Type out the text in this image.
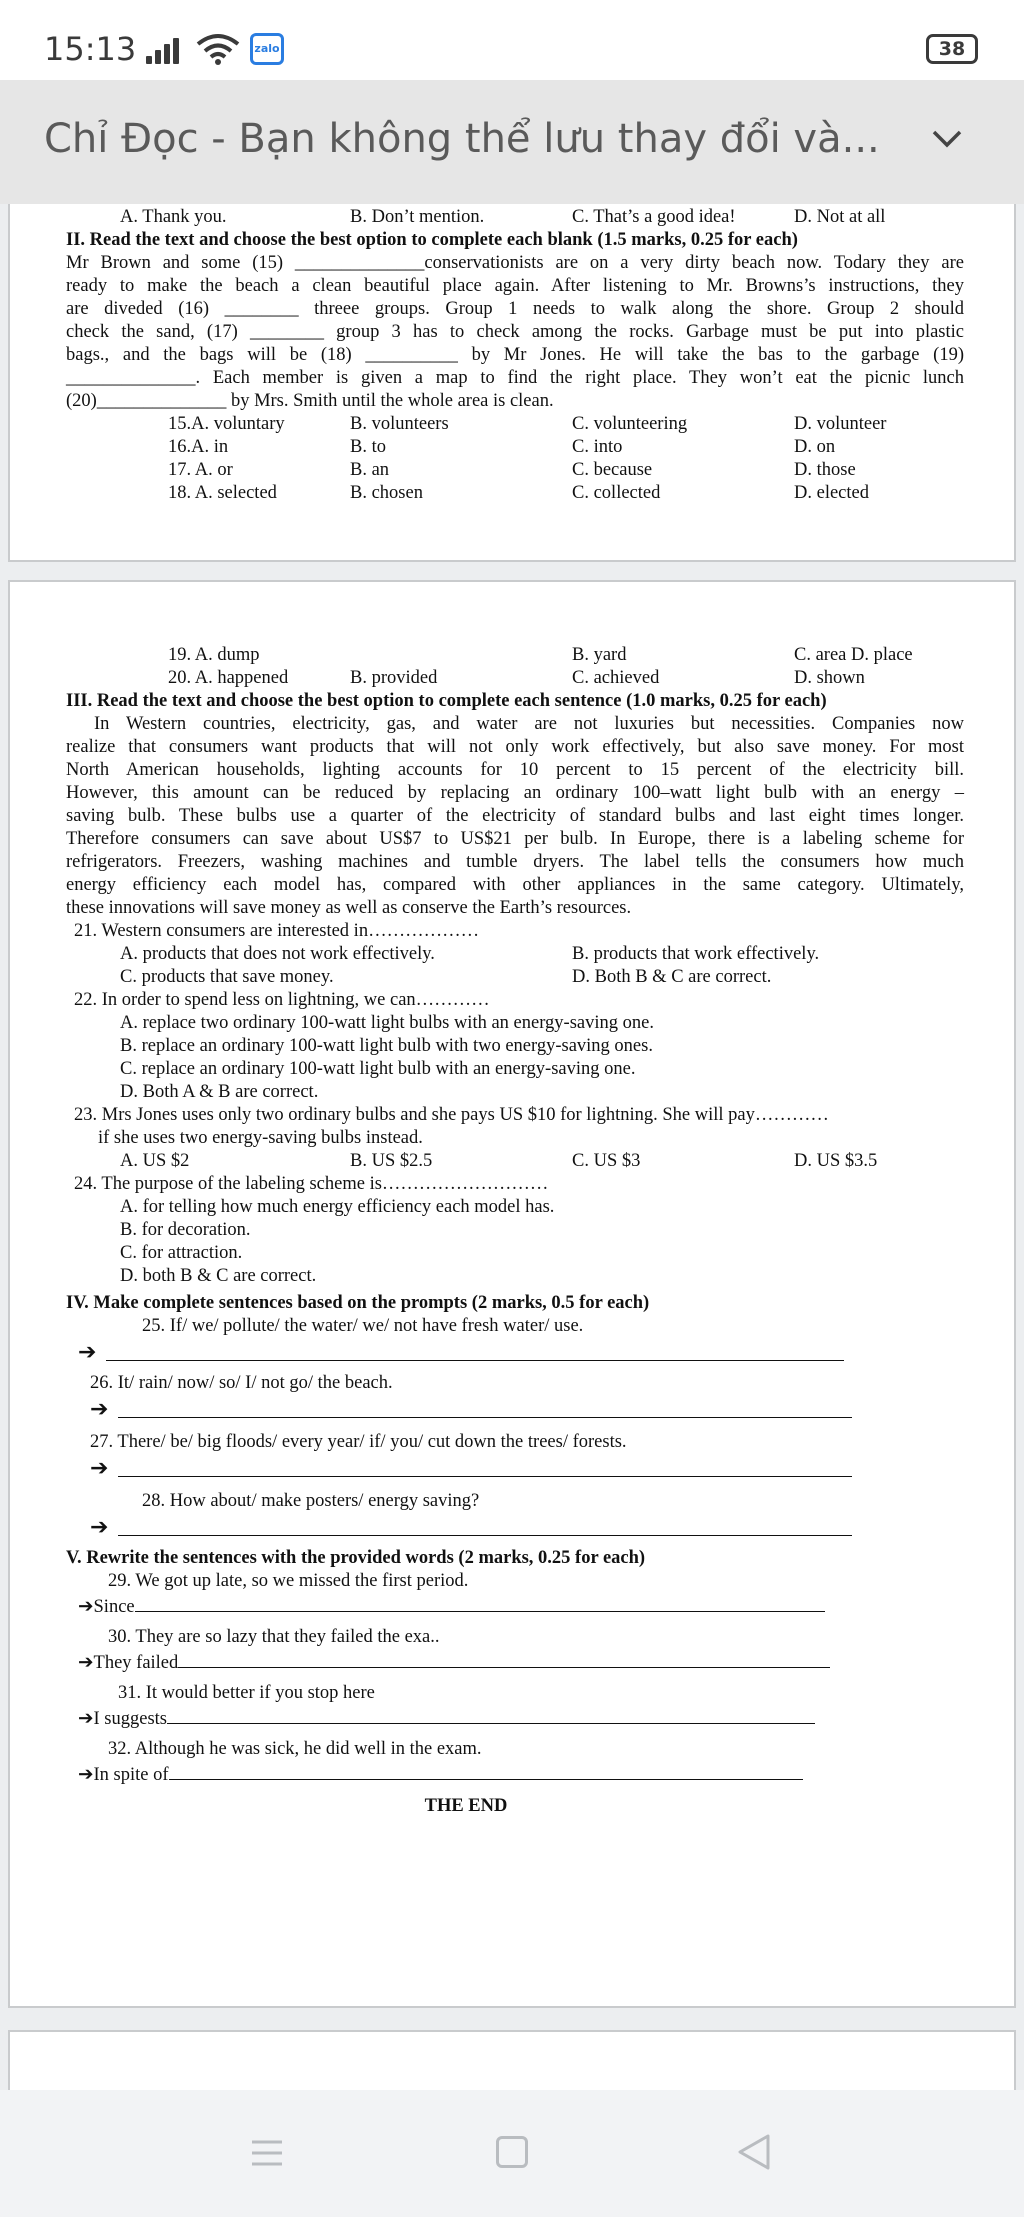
15:13	zalo	38
Chỉ Đọc - Bạn không thể lưu thay đổi và...
A. Thank you.	B. Don’t mention.	C. That’s a good idea!	D. Not at all
II. Read the text and choose the best option to complete each blank (1.5 marks, 0.25 for each)
Mr Brown and some (15) ______________conservationists are on a very dirty beach now. Todary they are
ready to make the beach a clean beautiful place again. After listening to Mr. Browns’s instructions, they
are diveded (16) ________ threee groups. Group 1 needs to walk along the shore. Group 2 should
check the sand, (17) ________ group 3 has to check among the rocks. Garbage must be put into plastic
bags., and the bags will be (18) __________ by Mr Jones. He will take the bas to the garbage (19)
______________. Each member is given a map to find the right place. They won’t eat the picnic lunch
(20)______________ by Mrs. Smith until the whole area is clean.
15.A. voluntary	B. volunteers	C. volunteering	D. volunteer
16.A. in	B. to	C. into	D. on
17. A. or	B. an	C. because	D. those
18. A. selected	B. chosen	C. collected	D. elected
19. A. dump	B. yard	C. area D. place
20. A. happened	B. provided	C. achieved	D. shown
III. Read the text and choose the best option to complete each sentence (1.0 marks, 0.25 for each)
In Western countries, electricity, gas, and water are not luxuries but necessities. Companies now
realize that consumers want products that will not only work effectively, but also save money. For most
North American households, lighting accounts for 10 percent to 15 percent of the electricity bill.
However, this amount can be reduced by replacing an ordinary 100–watt light bulb with an energy –
saving bulb. These bulbs use a quarter of the electricity of standard bulbs and last eight times longer.
Therefore consumers can save about US$7 to US$21 per bulb. In Europe, there is a labeling scheme for
refrigerators. Freezers, washing machines and tumble dryers. The label tells the consumers how much
energy efficiency each model has, compared with other appliances in the same category. Ultimately,
these innovations will save money as well as conserve the Earth’s resources.
21. Western consumers are interested in………………
A. products that does not work effectively.	B. products that work effectively.
C. products that save money.	D. Both B & C are correct.
22. In order to spend less on lightning, we can…………
A. replace two ordinary 100-watt light bulbs with an energy-saving one.
B. replace an ordinary 100-watt light bulb with two energy-saving ones.
C. replace an ordinary 100-watt light bulb with an energy-saving one.
D. Both A & B are correct.
23. Mrs Jones uses only two ordinary bulbs and she pays US $10 for lightning. She will pay…………
if she uses two energy-saving bulbs instead.
A. US $2	B. US $2.5	C. US $3	D. US $3.5
24. The purpose of the labeling scheme is………………………
A. for telling how much energy efficiency each model has.
B. for decoration.
C. for attraction.
D. both B & C are correct.
IV. Make complete sentences based on the prompts (2 marks, 0.5 for each)
25. If/ we/ pollute/ the water/ we/ not have fresh water/ use.
➔
26. It/ rain/ now/ so/ I/ not go/ the beach.
➔
27. There/ be/ big floods/ every year/ if/ you/ cut down the trees/ forests.
➔
28. How about/ make posters/ energy saving?
➔
V. Rewrite the sentences with the provided words (2 marks, 0.25 for each)
29. We got up late, so we missed the first period.
➔Since
30. They are so lazy that they failed the exa..
➔They failed
31. It would better if you stop here
➔I suggests
32. Although he was sick, he did well in the exam.
➔In spite of
THE END
